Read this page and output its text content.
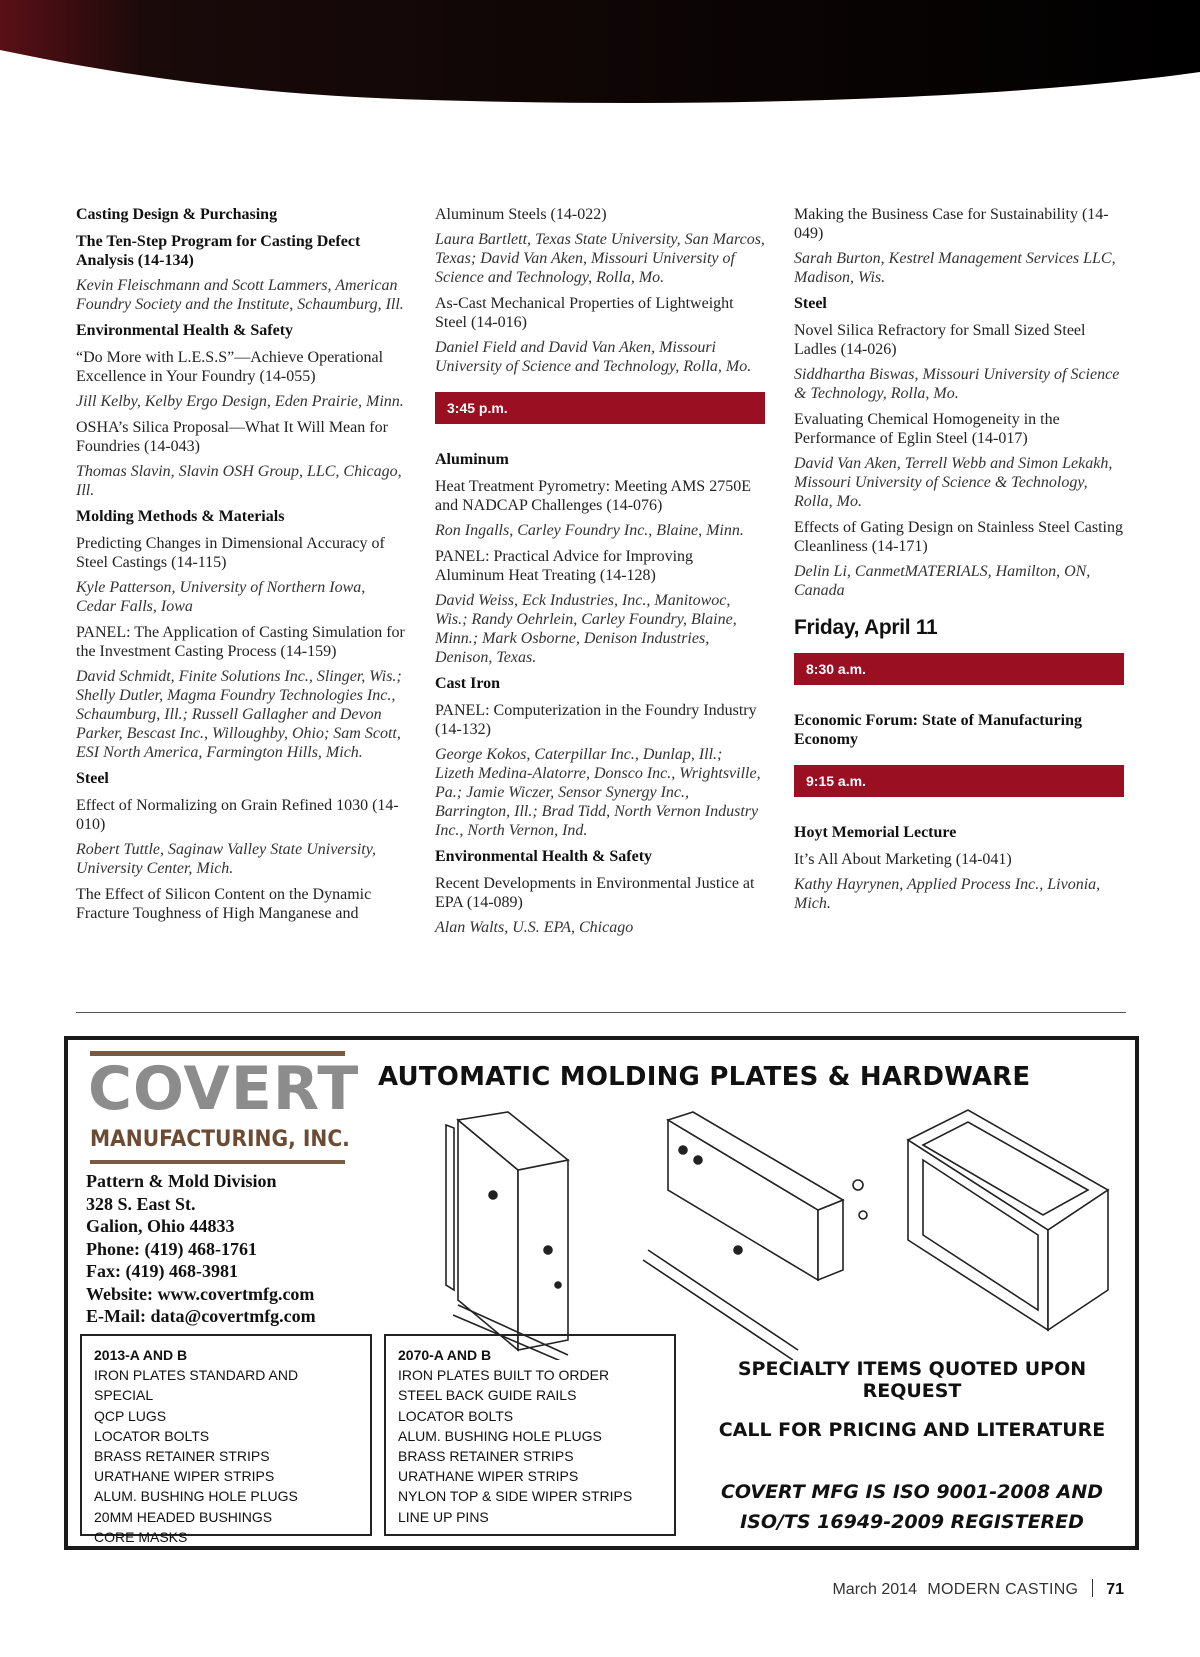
Casting Design & Purchasing
The Ten-Step Program for Casting Defect Analysis (14-134)
Kevin Fleischmann and Scott Lammers, American Foundry Society and the Institute, Schaumburg, Ill.
Environmental Health & Safety
“Do More with L.E.S.S”—Achieve Operational Excellence in Your Foundry (14-055)
Jill Kelby, Kelby Ergo Design, Eden Prairie, Minn.
OSHA’s Silica Proposal—What It Will Mean for Foundries (14-043)
Thomas Slavin, Slavin OSH Group, LLC, Chicago, Ill.
Molding Methods & Materials
Predicting Changes in Dimensional Accuracy of Steel Castings (14-115)
Kyle Patterson, University of Northern Iowa, Cedar Falls, Iowa
PANEL: The Application of Casting Simulation for the Investment Casting Process (14-159)
David Schmidt, Finite Solutions Inc., Slinger, Wis.; Shelly Dutler, Magma Foundry Technologies Inc., Schaumburg, Ill.; Russell Gallagher and Devon Parker, Bescast Inc., Willoughby, Ohio; Sam Scott, ESI North America, Farmington Hills, Mich.
Steel
Effect of Normalizing on Grain Refined 1030 (14-010)
Robert Tuttle, Saginaw Valley State University, University Center, Mich.
The Effect of Silicon Content on the Dynamic Fracture Toughness of High Manganese and
Aluminum Steels (14-022)
Laura Bartlett, Texas State University, San Marcos, Texas; David Van Aken, Missouri University of Science and Technology, Rolla, Mo.
As-Cast Mechanical Properties of Lightweight Steel (14-016)
Daniel Field and David Van Aken, Missouri University of Science and Technology, Rolla, Mo.
3:45 p.m.
Aluminum
Heat Treatment Pyrometry: Meeting AMS 2750E and NADCAP Challenges (14-076)
Ron Ingalls, Carley Foundry Inc., Blaine, Minn.
PANEL: Practical Advice for Improving Aluminum Heat Treating (14-128)
David Weiss, Eck Industries, Inc., Manitowoc, Wis.; Randy Oehrlein, Carley Foundry, Blaine, Minn.; Mark Osborne, Denison Industries, Denison, Texas.
Cast Iron
PANEL: Computerization in the Foundry Industry (14-132)
George Kokos, Caterpillar Inc., Dunlap, Ill.; Lizeth Medina-Alatorre, Donsco Inc., Wrightsville, Pa.; Jamie Wiczer, Sensor Synergy Inc., Barrington, Ill.; Brad Tidd, North Vernon Industry Inc., North Vernon, Ind.
Environmental Health & Safety
Recent Developments in Environmental Justice at EPA (14-089)
Alan Walts, U.S. EPA, Chicago
Making the Business Case for Sustainability (14-049)
Sarah Burton, Kestrel Management Services LLC, Madison, Wis.
Steel
Novel Silica Refractory for Small Sized Steel Ladles (14-026)
Siddhartha Biswas, Missouri University of Science & Technology, Rolla, Mo.
Evaluating Chemical Homogeneity in the Performance of Eglin Steel (14-017)
David Van Aken, Terrell Webb and Simon Lekakh, Missouri University of Science & Technology, Rolla, Mo.
Effects of Gating Design on Stainless Steel Casting Cleanliness (14-171)
Delin Li, CanmetMATERIALS, Hamilton, ON, Canada
Friday, April 11
8:30 a.m.
Economic Forum: State of Manufacturing Economy
9:15 a.m.
Hoyt Memorial Lecture
It’s All About Marketing (14-041)
Kathy Hayrynen, Applied Process Inc., Livonia, Mich.
COVERT
MANUFACTURING, INC.
Pattern & Mold Division
328 S. East St.
Galion, Ohio 44833
Phone: (419) 468-1761
Fax: (419) 468-3981
Website: www.covertmfg.com
E-Mail: data@covertmfg.com
AUTOMATIC MOLDING PLATES & HARDWARE
2013-A AND B
IRON PLATES STANDARD AND SPECIAL
QCP LUGS
LOCATOR BOLTS
BRASS RETAINER STRIPS
URATHANE WIPER STRIPS
ALUM. BUSHING HOLE PLUGS
20MM HEADED BUSHINGS
CORE MASKS
2070-A AND B
IRON PLATES BUILT TO ORDER
STEEL BACK GUIDE RAILS
LOCATOR BOLTS
ALUM. BUSHING HOLE PLUGS
BRASS RETAINER STRIPS
URATHANE WIPER STRIPS
NYLON TOP & SIDE WIPER STRIPS
LINE UP PINS
SPECIALTY ITEMS QUOTED UPON REQUEST
CALL FOR PRICING AND LITERATURE
COVERT MFG IS ISO 9001-2008 AND
ISO/TS 16949-2009 REGISTERED
March 2014 MODERN CASTING 71
